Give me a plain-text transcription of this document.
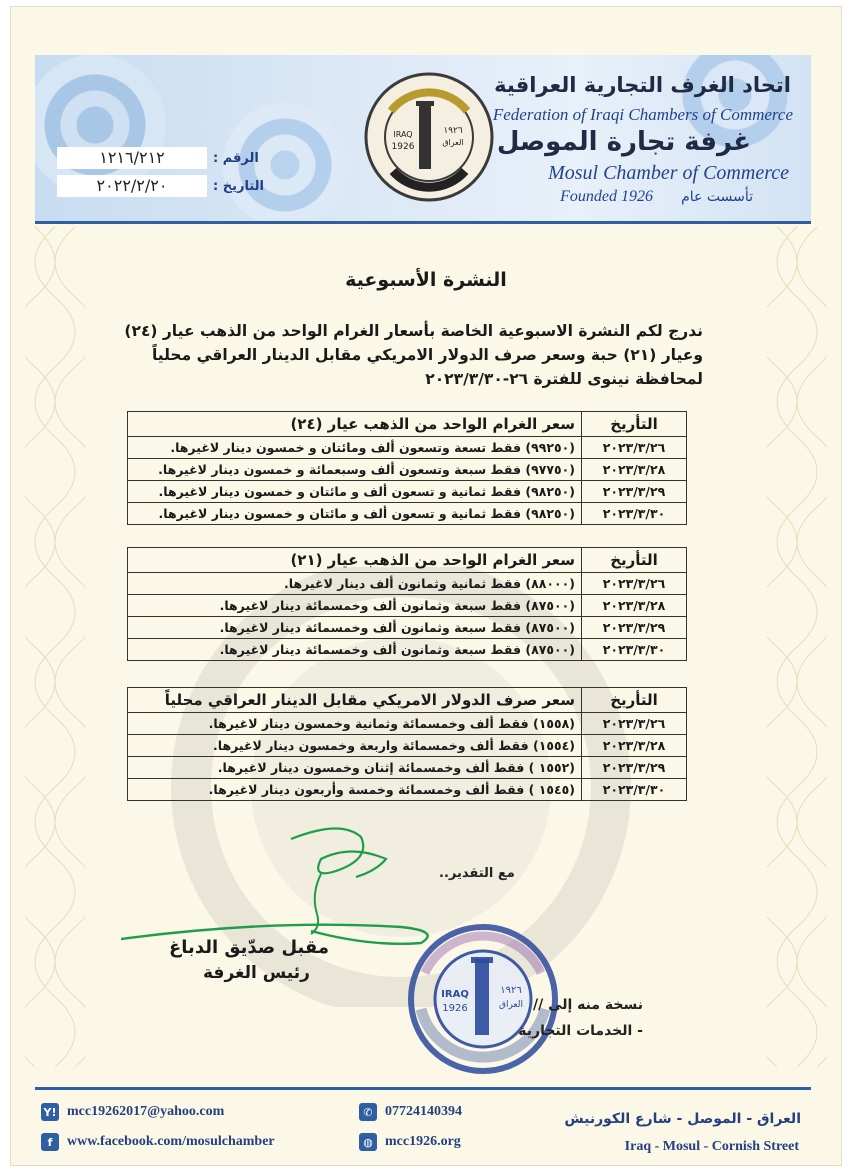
اتحاد الغرف التجارية العراقية
Federation of Iraqi Chambers of Commerce
غرفة تجارة الموصل
Mosul Chamber of Commerce
Founded 1926 تأسست عام
١٢١٦/٢١٢	الرقم :
٢٠٢٢/٢/٢٠	التاريخ :
١٩٢٦
العراق
IRAQ
1926
النشرة الأسبوعية
ندرج لكم النشرة الاسبوعية الخاصة بأسعار الغرام الواحد من الذهب عيار (٢٤)
وعيار (٢١) حبة وسعر صرف الدولار الامريكي مقابل الدينار العراقي محلياً
لمحافظة نينوى للفترة ٢٦-٢٠٢٣/٣/٣٠
التأريخ	سعر الغرام الواحد من الذهب عيار (٢٤)
٢٠٢٣/٣/٢٦	(٩٩٢٥٠) فقط تسعة وتسعون ألف ومائتان و خمسون دينار لاغيرها.
٢٠٢٣/٣/٢٨	(٩٧٧٥٠) فقط سبعة وتسعون ألف وسبعمائة و خمسون دينار لاغيرها.
٢٠٢٣/٣/٢٩	(٩٨٢٥٠) فقط ثمانية و تسعون ألف و مائتان و خمسون دينار لاغيرها.
٢٠٢٣/٣/٣٠	(٩٨٢٥٠) فقط ثمانية و تسعون ألف و مائتان و خمسون دينار لاغيرها.
التأريخ	سعر الغرام الواحد من الذهب عيار (٢١)
٢٠٢٣/٣/٢٦	(٨٨٠٠٠) فقط ثمانية وثمانون ألف دينار لاغيرها.
٢٠٢٣/٣/٢٨	(٨٧٥٠٠) فقط سبعة وثمانون ألف وخمسمائة دينار لاغيرها.
٢٠٢٣/٣/٢٩	(٨٧٥٠٠) فقط سبعة وثمانون ألف وخمسمائة دينار لاغيرها.
٢٠٢٣/٣/٣٠	(٨٧٥٠٠) فقط سبعة وثمانون ألف وخمسمائة دينار لاغيرها.
التأريخ	سعر صرف الدولار الامريكي مقابل الدينار العراقي محلياً
٢٠٢٣/٣/٢٦	(١٥٥٨) فقط ألف وخمسمائة وثمانية وخمسون دينار لاغيرها.
٢٠٢٣/٣/٢٨	(١٥٥٤) فقط ألف وخمسمائة واربعة وخمسون دينار لاغيرها.
٢٠٢٣/٣/٢٩	(١٥٥٢ ) فقط ألف وخمسمائة إثنان وخمسون دينار لاغيرها.
٢٠٢٣/٣/٣٠	(١٥٤٥ ) فقط ألف وخمسمائة وخمسة وأربعون دينار لاغيرها.
مع التقدير..
مقبل صدّيق الدباغ
رئيس الغرفة
١٩٢٦
العراق
IRAQ
1926	نسخة منه إلى //
- الخدمات التجارية
Y! mcc19262017@yahoo.com
f	www.facebook.com/mosulchamber
✆ 07724140394
◍ mcc1926.org
العراق - الموصل - شارع الكورنيش
Iraq - Mosul - Cornish Street
